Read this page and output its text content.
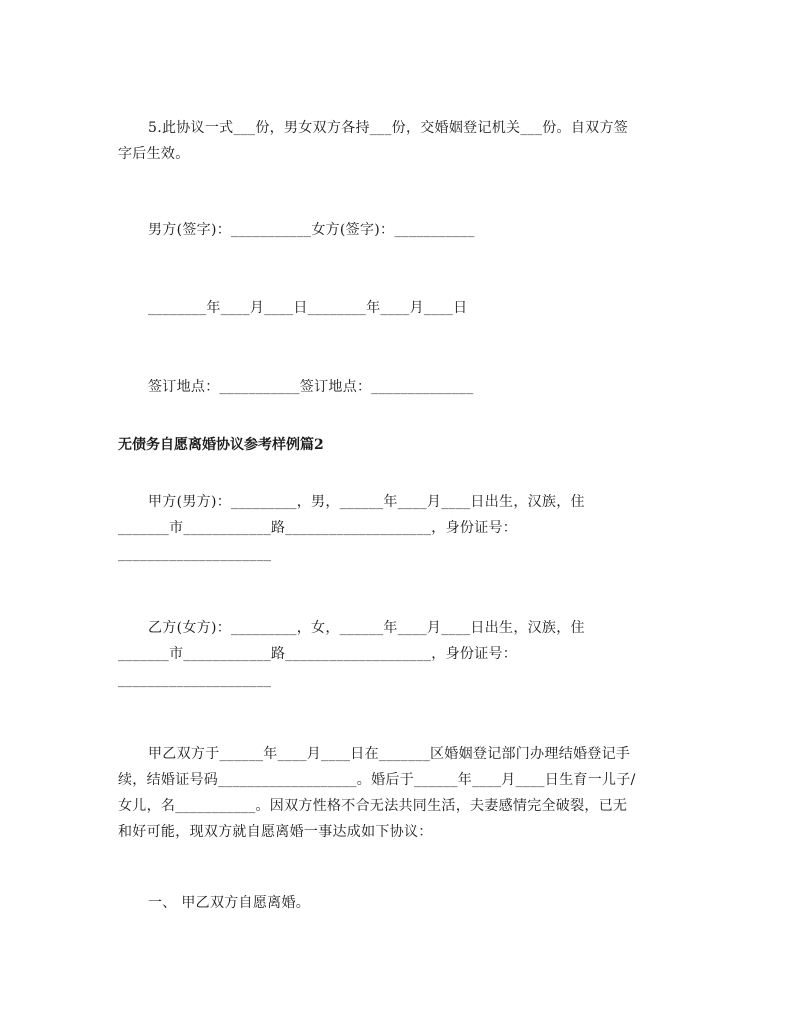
5.此协议一式___份，男女双方各持___份，交婚姻登记机关___份。自双方签
字后生效。
男方(签字)：___________女方(签字)：___________
________年____月____日________年____月____日
签订地点：___________签订地点：______________
无债务自愿离婚协议参考样例篇2
甲方(男方)：_________，男，______年____月____日出生，汉族，住
_______市____________路____________________，身份证号：
_____________________
乙方(女方)：_________，女，______年____月____日出生，汉族，住
_______市____________路____________________，身份证号：
_____________________
甲乙双方于______年____月____日在_______区婚姻登记部门办理结婚登记手
续，结婚证号码___________________。婚后于______年____月____日生育一儿子/
女儿，名___________。因双方性格不合无法共同生活，夫妻感情完全破裂，已无
和好可能，现双方就自愿离婚一事达成如下协议：
一、 甲乙双方自愿离婚。
